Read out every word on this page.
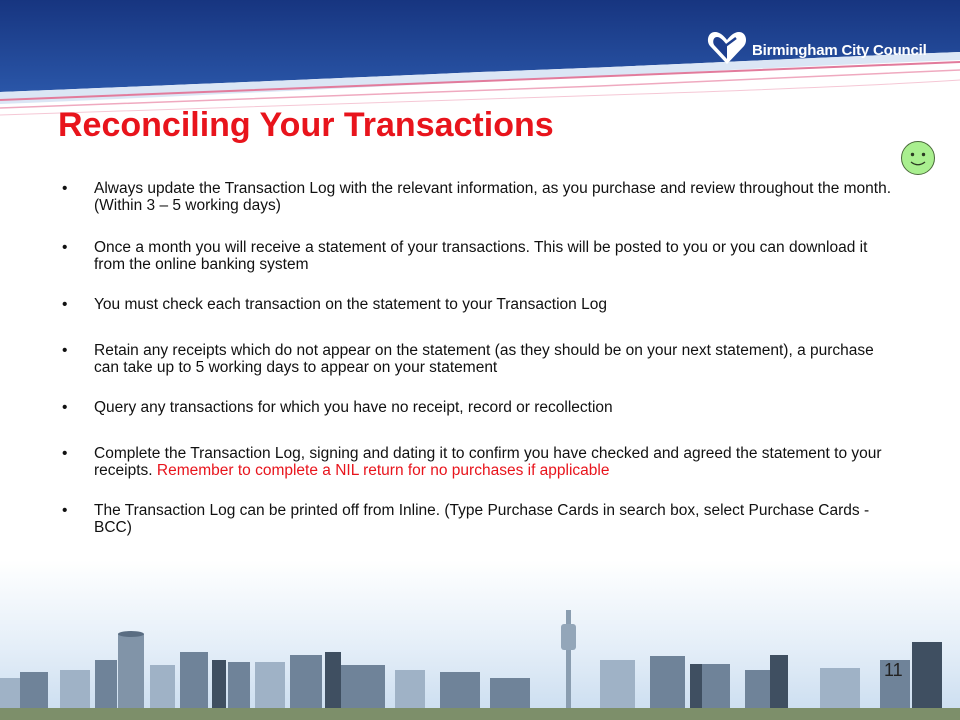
Birmingham City Council
Reconciling Your Transactions
• Always update the Transaction Log with the relevant information, as you purchase and review throughout the month. (Within 3 – 5 working days)
• Once a month you will receive a statement of your transactions. This will be posted to you or you can download it from the online banking system
• You must check each transaction on the statement to your Transaction Log
• Retain any receipts which do not appear on the statement (as they should be on your next statement), a purchase can take up to 5 working days to appear on your statement
• Query any transactions for which you have no receipt, record or recollection
• Complete the Transaction Log, signing and dating it to confirm you have checked and agreed the statement to your receipts. Remember to complete a NIL return for no purchases if applicable
• The Transaction Log can be printed off from Inline. (Type Purchase Cards in search box, select Purchase Cards - BCC)
11
